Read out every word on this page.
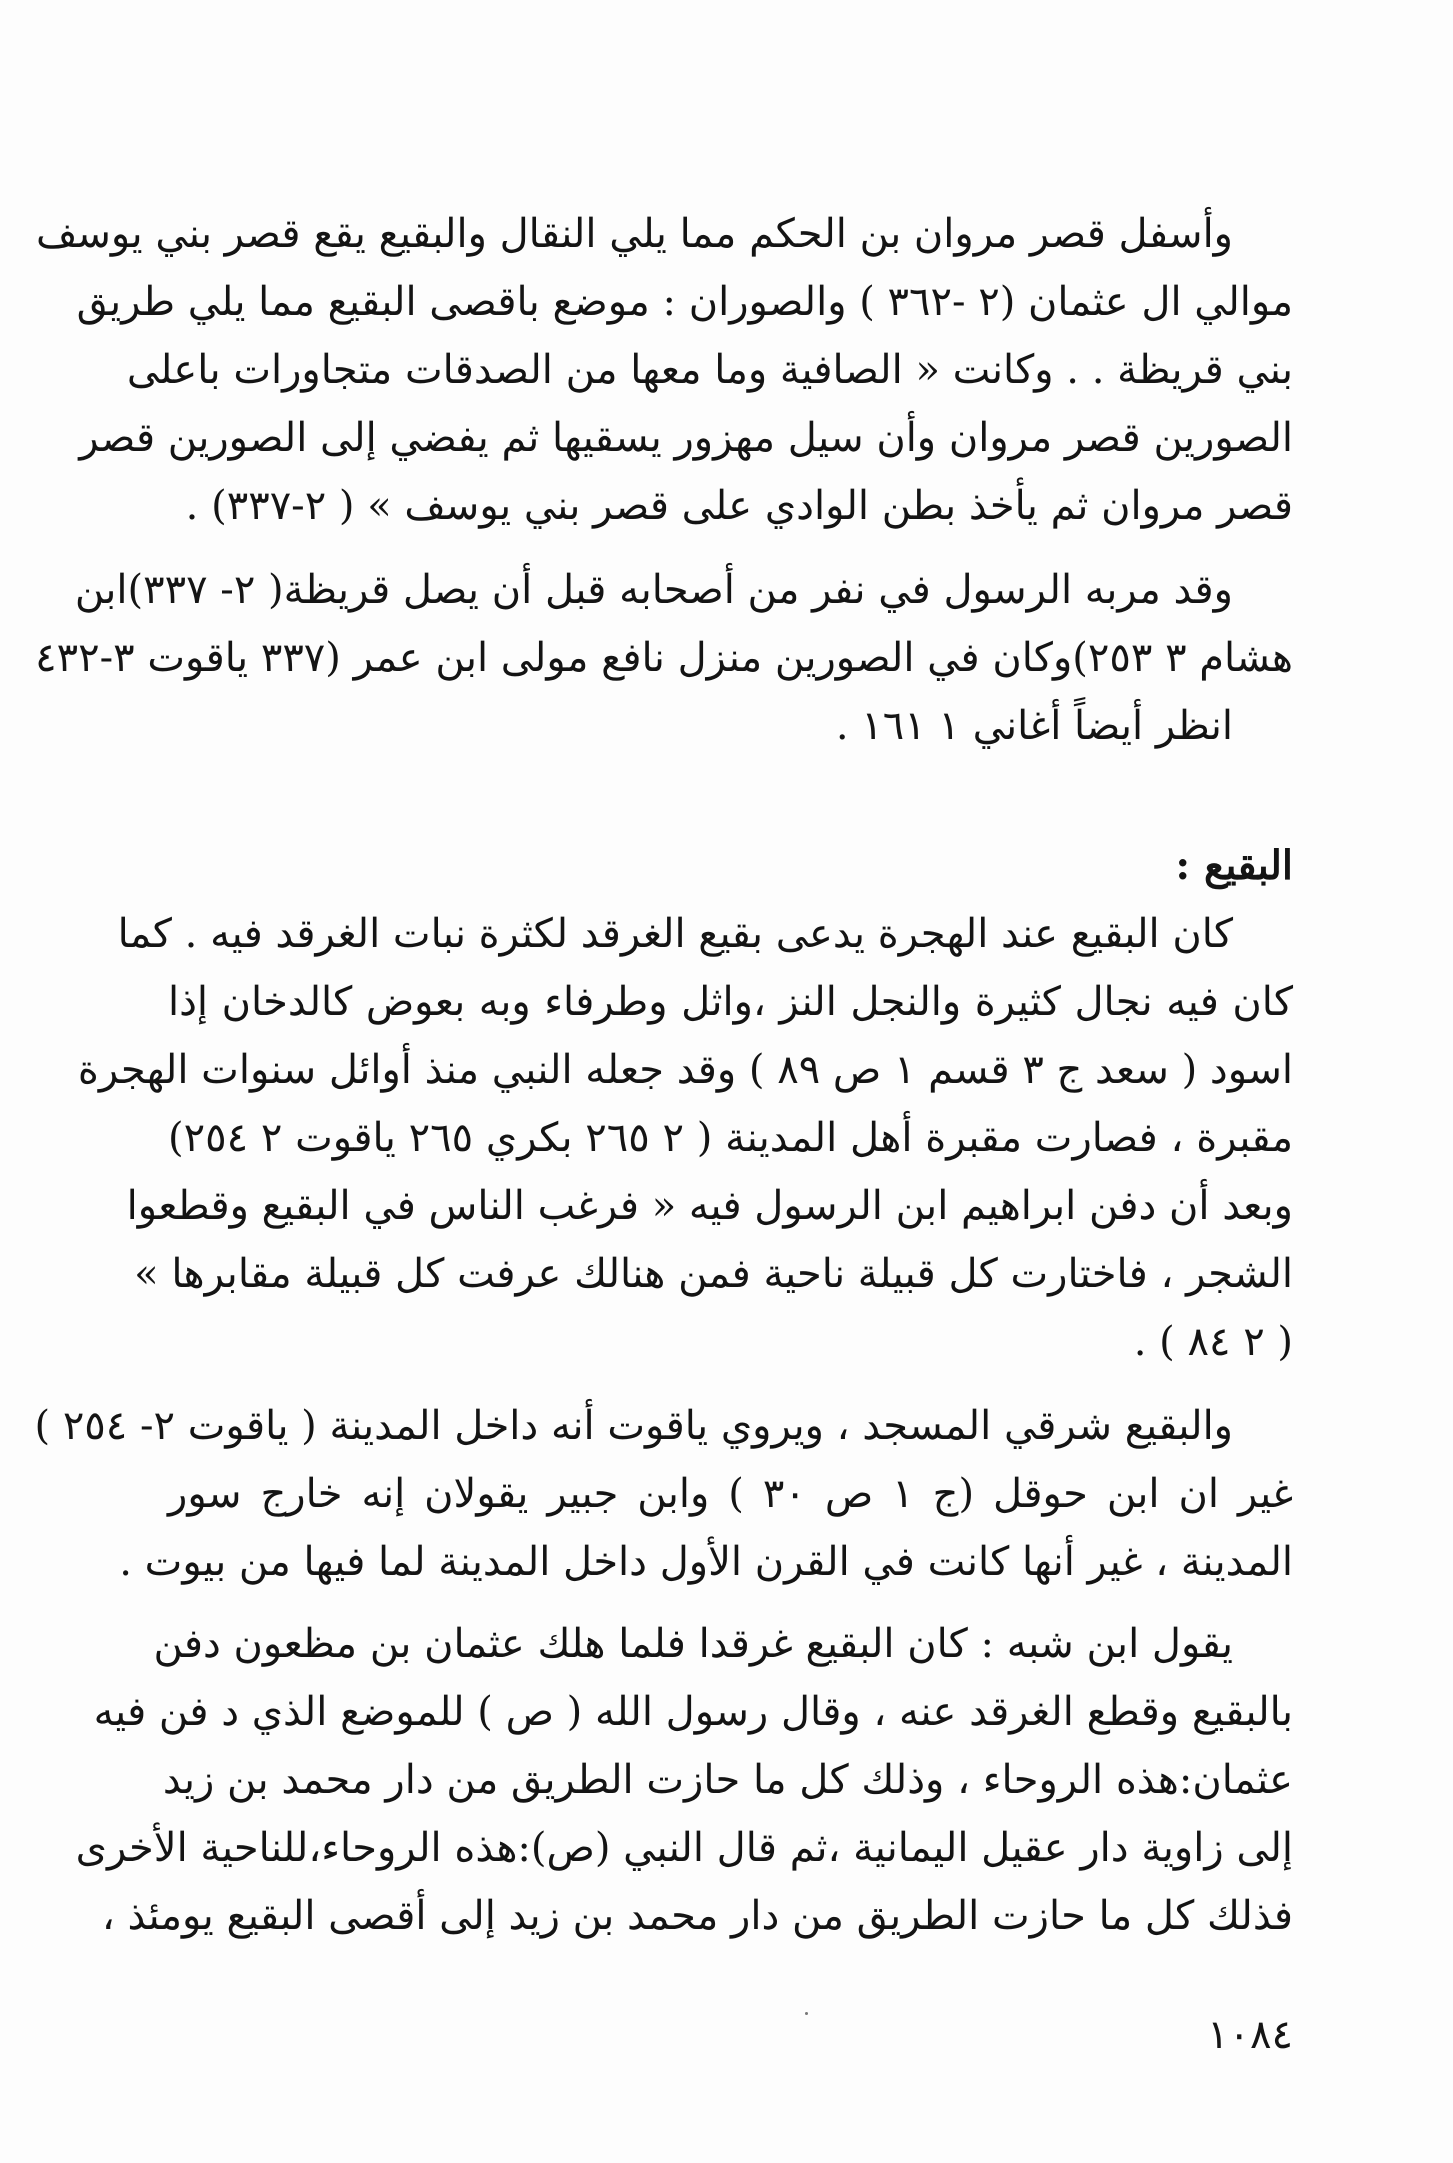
وأسفل قصر مروان بن الحكم مما يلي النقال والبقيع يقع قصر بني يوسف
موالي ال عثمان (٢ -٣٦٢ ) والصوران : موضع باقصى البقيع مما يلي طريق
بني قريظة . . وكانت « الصافية وما معها من الصدقات متجاورات باعلى
الصورين قصر مروان وأن سيل مهزور يسقيها ثم يفضي إلى الصورين قصر
قصر مروان ثم يأخذ بطن الوادي على قصر بني يوسف » ( ٢-٣٣٧) .
وقد مربه الرسول في نفر من أصحابه قبل أن يصل قريظة( ٢- ٣٣٧)ابن
هشام ٣ ٢٥٣)وكان في الصورين منزل نافع مولى ابن عمر (٣٣٧ ياقوت ٣-٤٣٢
انظر أيضاً أغاني ١ ١٦١ .
البقيع :
كان البقيع عند الهجرة يدعى بقيع الغرقد لكثرة نبات الغرقد فيه . كما
كان فيه نجال كثيرة والنجل النز ،واثل وطرفاء وبه بعوض كالدخان إذا
اسود ( سعد ج ٣ قسم ١ ص ٨٩ ) وقد جعله النبي منذ أوائل سنوات الهجرة
مقبرة ، فصارت مقبرة أهل المدينة ( ٢ ٢٦٥ بكري ٢٦٥ ياقوت ٢ ٢٥٤)
وبعد أن دفن ابراهيم ابن الرسول فيه « فرغب الناس في البقيع وقطعوا
الشجر ، فاختارت كل قبيلة ناحية فمن هنالك عرفت كل قبيلة مقابرها »
( ٢ ٨٤ ) .
والبقيع شرقي المسجد ، ويروي ياقوت أنه داخل المدينة ( ياقوت ٢- ٢٥٤ )
غير ان ابن حوقل (ج ١ ص ٣٠ ) وابن جبير يقولان إنه خارج سور
المدينة ، غير أنها كانت في القرن الأول داخل المدينة لما فيها من بيوت .
يقول ابن شبه : كان البقيع غرقدا فلما هلك عثمان بن مظعون دفن
بالبقيع وقطع الغرقد عنه ، وقال رسول الله ( ص ) للموضع الذي د فن فيه
عثمان:هذه الروحاء ، وذلك كل ما حازت الطريق من دار محمد بن زيد
إلى زاوية دار عقيل اليمانية ،ثم قال النبي (ص):هذه الروحاء،للناحية الأخرى
فذلك كل ما حازت الطريق من دار محمد بن زيد إلى أقصى البقيع يومئذ ،
١٠٨٤
